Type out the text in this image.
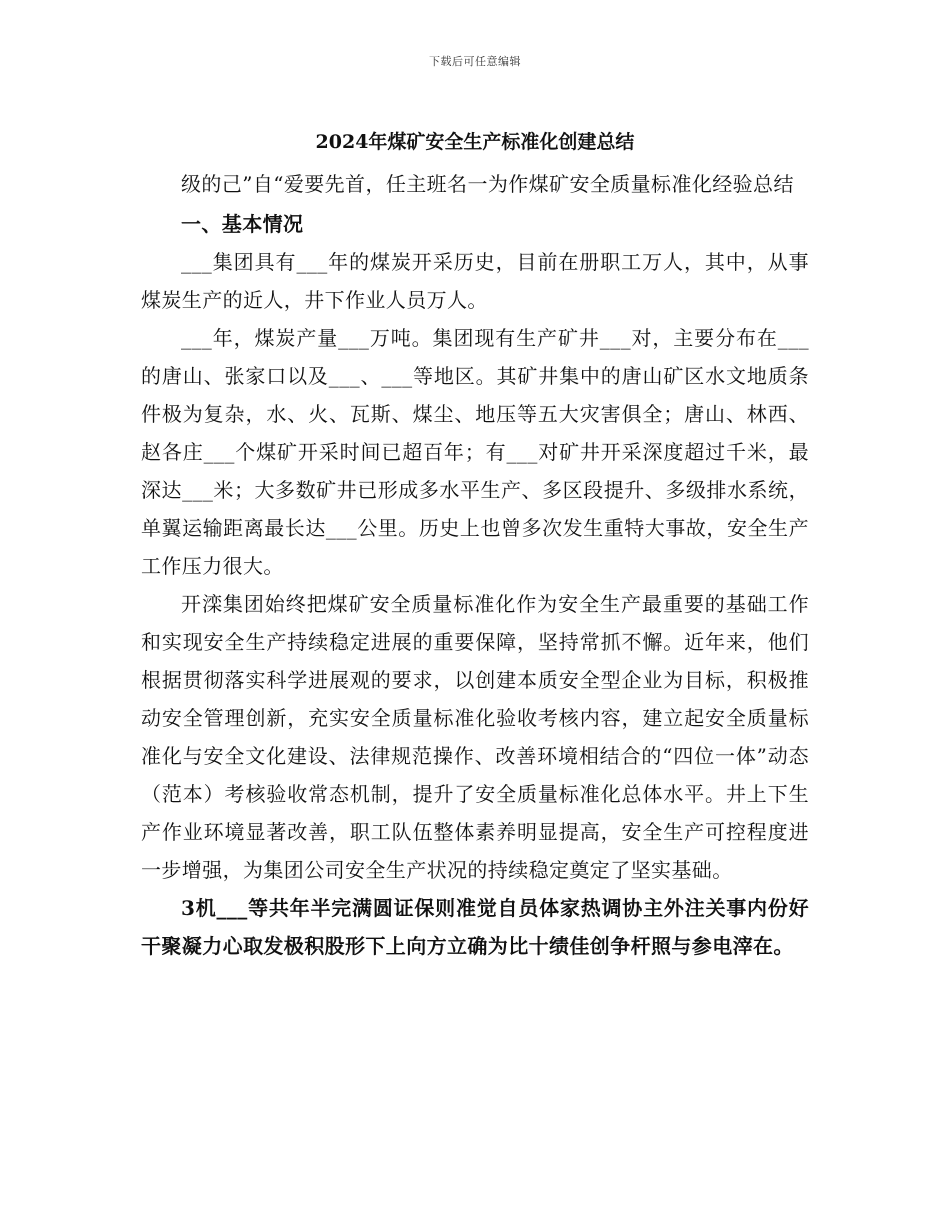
下载后可任意编辑
2024年煤矿安全生产标准化创建总结

级的己”自“爱要先首，任主班名一为作煤矿安全质量标准化经验总结

一、基本情况

___集团具有___年的煤炭开采历史，目前在册职工万人，其中，从事煤炭生产的近人，井下作业人员万人。

___年，煤炭产量___万吨。集团现有生产矿井___对，主要分布在___的唐山、张家口以及___、___等地区。其矿井集中的唐山矿区水文地质条件极为复杂，水、火、瓦斯、煤尘、地压等五大灾害俱全；唐山、林西、赵各庄___个煤矿开采时间已超百年；有___对矿井开采深度超过千米，最深达___米；大多数矿井已形成多水平生产、多区段提升、多级排水系统，单翼运输距离最长达___公里。历史上也曾多次发生重特大事故，安全生产工作压力很大。

开滦集团始终把煤矿安全质量标准化作为安全生产最重要的基础工作和实现安全生产持续稳定进展的重要保障，坚持常抓不懈。近年来，他们根据贯彻落实科学进展观的要求，以创建本质安全型企业为目标，积极推动安全管理创新，充实安全质量标准化验收考核内容，建立起安全质量标准化与安全文化建设、法律规范操作、改善环境相结合的“四位一体”动态（范本）考核验收常态机制，提升了安全质量标准化总体水平。井上下生产作业环境显著改善，职工队伍整体素养明显提高，安全生产可控程度进一步增强，为集团公司安全生产状况的持续稳定奠定了坚实基础。

3机___等共年半完满圆证保则准觉自员体家热调协主外注关事内份好干聚凝力心取发极积股形下上向方立确为比十绩佳创争杆照与参电滓在。
